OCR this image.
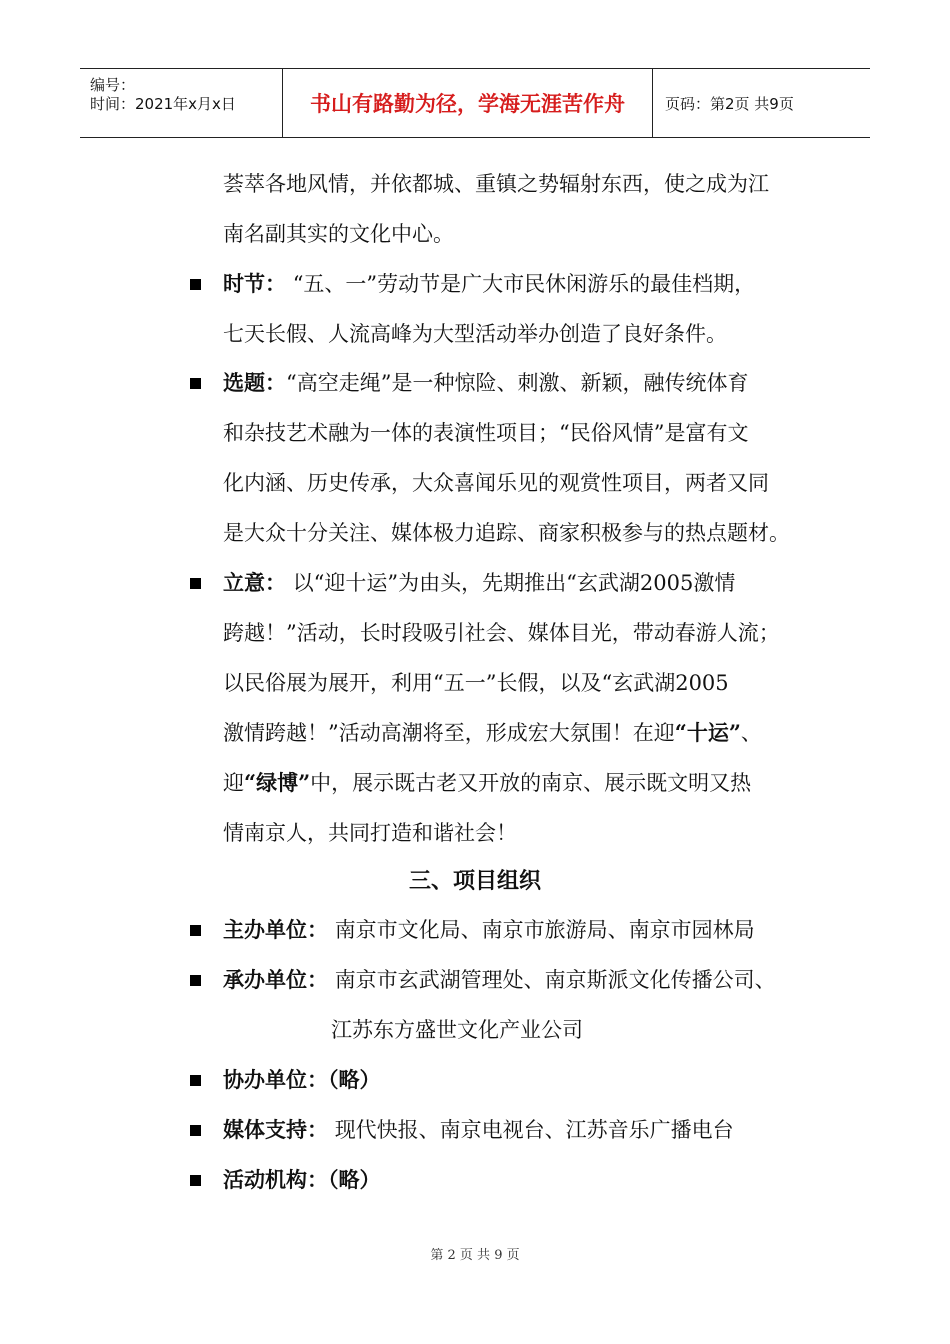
编号：
时间：2021年x月x日	书山有路勤为径，学海无涯苦作舟	页码：第2页 共9页
荟萃各地风情，并依都城、重镇之势辐射东西，使之成为江
南名副其实的文化中心。
时节： “五、一”劳动节是广大市民休闲游乐的最佳档期，
七天长假、人流高峰为大型活动举办创造了良好条件。
选题：“高空走绳”是一种惊险、刺激、新颖，融传统体育
和杂技艺术融为一体的表演性项目；“民俗风情”是富有文
化内涵、历史传承，大众喜闻乐见的观赏性项目，两者又同
是大众十分关注、媒体极力追踪、商家积极参与的热点题材。
立意： 以“迎十运”为由头，先期推出“玄武湖2005激情
跨越！”活动，长时段吸引社会、媒体目光，带动春游人流；
以民俗展为展开，利用“五一”长假，以及“玄武湖2005
激情跨越！”活动高潮将至，形成宏大氛围！在迎“十运”、
迎“绿博”中，展示既古老又开放的南京、展示既文明又热
情南京人，共同打造和谐社会！
三、项目组织
主办单位： 南京市文化局、南京市旅游局、南京市园林局
承办单位： 南京市玄武湖管理处、南京斯派文化传播公司、
江苏东方盛世文化产业公司
协办单位：（略）
媒体支持： 现代快报、南京电视台、江苏音乐广播电台
活动机构：（略）
第 2 页 共 9 页
